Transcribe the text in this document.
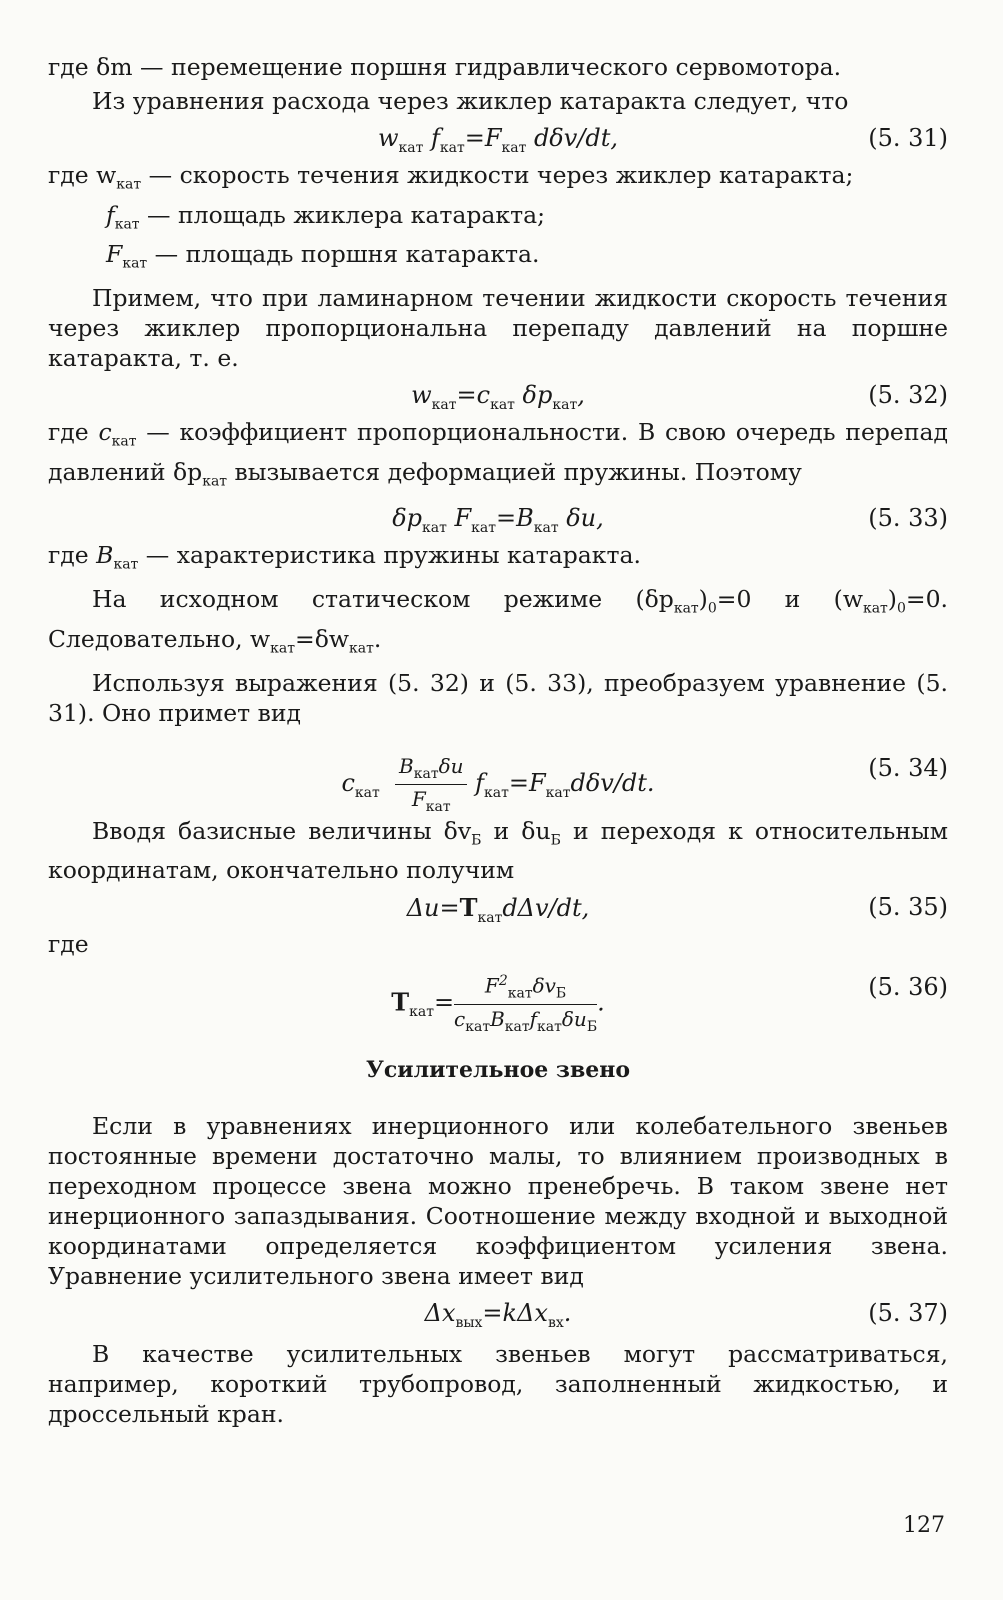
где δm — перемещение поршня гидравлического сервомотора.
Из уравнения расхода через жиклер катаракта следует, что
$w_{кат}$ $f_{кат}=F_{кат}$ dδv/dt,	(5. 31)
где $w_{кат}$ — скорость течения жидкости через жиклер катаракта;
$f_{кат}$ — площадь жиклера катаракта;
$F_{кат}$ — площадь поршня катаракта.
Примем, что при ламинарном течении жидкости скорость течения через жиклер пропорциональна перепаду давлений на поршне катаракта, т. е.
$w_{кат}=c_{кат}$ $\delta p_{кат}$,	(5. 32)
где $c_{кат}$ — коэффициент пропорциональности. В свою очередь перепад давлений $\delta p_{кат}$ вызывается деформацией пружины. Поэтому
$\delta p_{кат}$ $F_{кат}=B_{кат}$ δu,	(5. 33)
где $B_{кат}$ — характеристика пружины катаракта.
На исходном статическом режиме $(\delta p_{кат})_0=0$ и $(w_{кат})_0=0$. Следовательно, $w_{кат}=\delta w_{кат}$.
Используя выражения (5. 32) и (5. 33), преобразуем уравнение (5. 31). Оно примет вид
$c_{кат} \frac{B_{кат}\delta u}{F_{кат}} f_{кат}=F_{кат}d\delta v/dt$.
(5. 34)
Вводя базисные величины $\delta v_Б$ и $\delta u_Б$ и переходя к относительным координатам, окончательно получим
$\Delta u=T_{кат}d\Delta v/dt$,	(5. 35)
где
$T_{кат}= \frac{F^2_{кат}\delta v_Б}{c_{кат}B_{кат}f_{кат}\delta u_Б}$ .
(5. 36)
Усилительное звено
Если в уравнениях инерционного или колебательного звеньев постоянные времени достаточно малы, то влиянием производных в переходном процессе звена можно пренебречь. В таком звене нет инерционного запаздывания. Соотношение между входной и выходной координатами определяется коэффициентом усиления звена. Уравнение усилительного звена имеет вид
$\Delta x_{вых}=k\Delta x_{вх}$.	(5. 37)
В качестве усилительных звеньев могут рассматриваться, например, короткий трубопровод, заполненный жидкостью, и дроссельный кран.
127
